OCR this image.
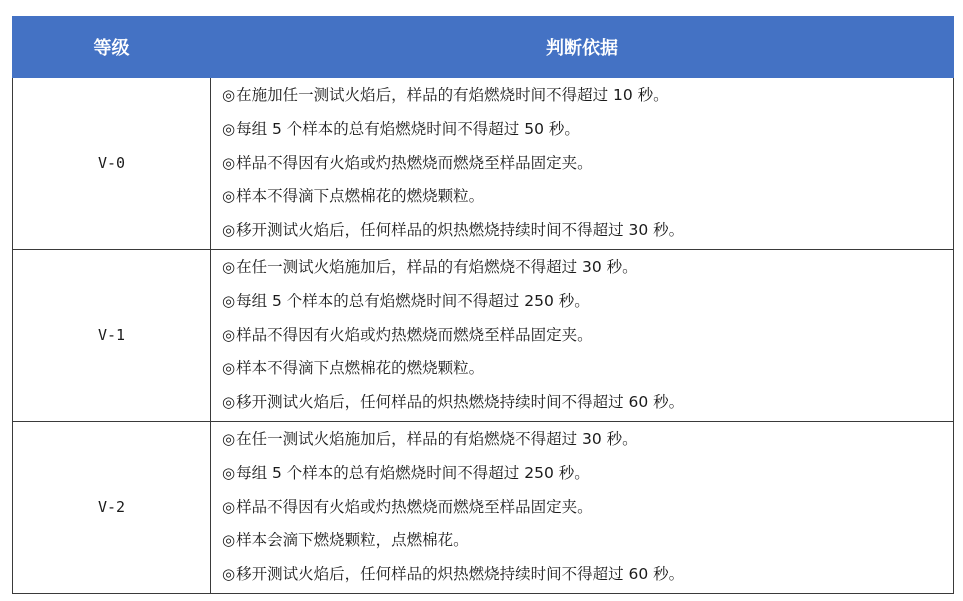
等级	判断依据
V-0	◎在施加任一测试火焰后，样品的有焰燃烧时间不得超过 10 秒。
◎每组 5 个样本的总有焰燃烧时间不得超过 50 秒。
◎样品不得因有火焰或灼热燃烧而燃烧至样品固定夹。
◎样本不得滴下点燃棉花的燃烧颗粒。
◎移开测试火焰后，任何样品的炽热燃烧持续时间不得超过 30 秒。

V-1	◎在任一测试火焰施加后，样品的有焰燃烧不得超过 30 秒。
◎每组 5 个样本的总有焰燃烧时间不得超过 250 秒。
◎样品不得因有火焰或灼热燃烧而燃烧至样品固定夹。
◎样本不得滴下点燃棉花的燃烧颗粒。
◎移开测试火焰后，任何样品的炽热燃烧持续时间不得超过 60 秒。

V-2	◎在任一测试火焰施加后，样品的有焰燃烧不得超过 30 秒。
◎每组 5 个样本的总有焰燃烧时间不得超过 250 秒。
◎样品不得因有火焰或灼热燃烧而燃烧至样品固定夹。
◎样本会滴下燃烧颗粒，点燃棉花。
◎移开测试火焰后，任何样品的炽热燃烧持续时间不得超过 60 秒。
